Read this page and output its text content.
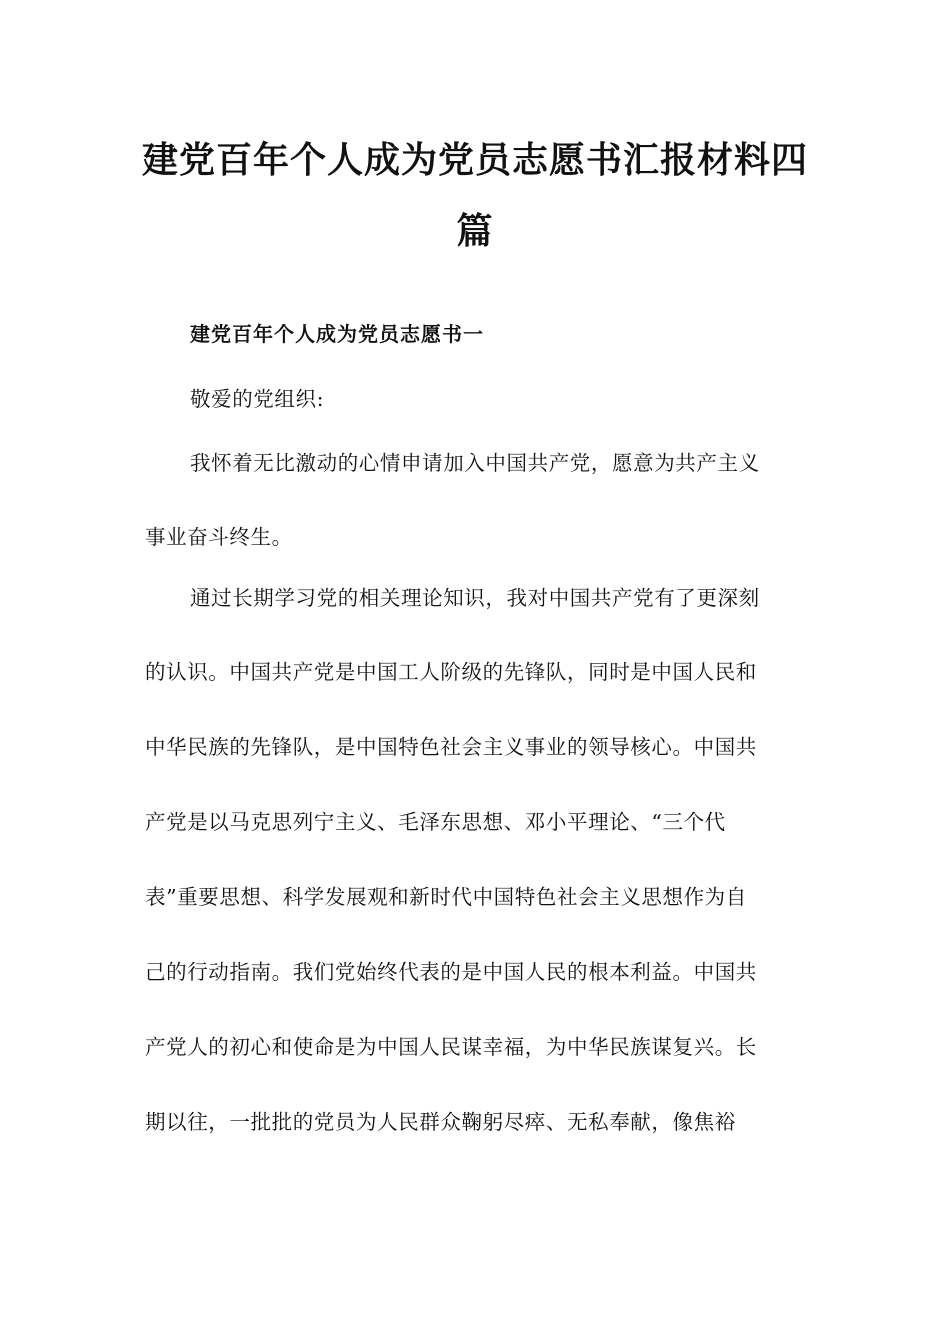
建党百年个人成为党员志愿书汇报材料四
篇
建党百年个人成为党员志愿书一

敬爱的党组织:

我怀着无比激动的心情申请加入中国共产党，愿意为共产主义

事业奋斗终生。

通过长期学习党的相关理论知识，我对中国共产党有了更深刻

的认识。中国共产党是中国工人阶级的先锋队，同时是中国人民和

中华民族的先锋队，是中国特色社会主义事业的领导核心。中国共

产党是以马克思列宁主义、毛泽东思想、邓小平理论、“三个代

表”重要思想、科学发展观和新时代中国特色社会主义思想作为自

己的行动指南。我们党始终代表的是中国人民的根本利益。中国共

产党人的初心和使命是为中国人民谋幸福，为中华民族谋复兴。长

期以往，一批批的党员为人民群众鞠躬尽瘁、无私奉献，像焦裕
